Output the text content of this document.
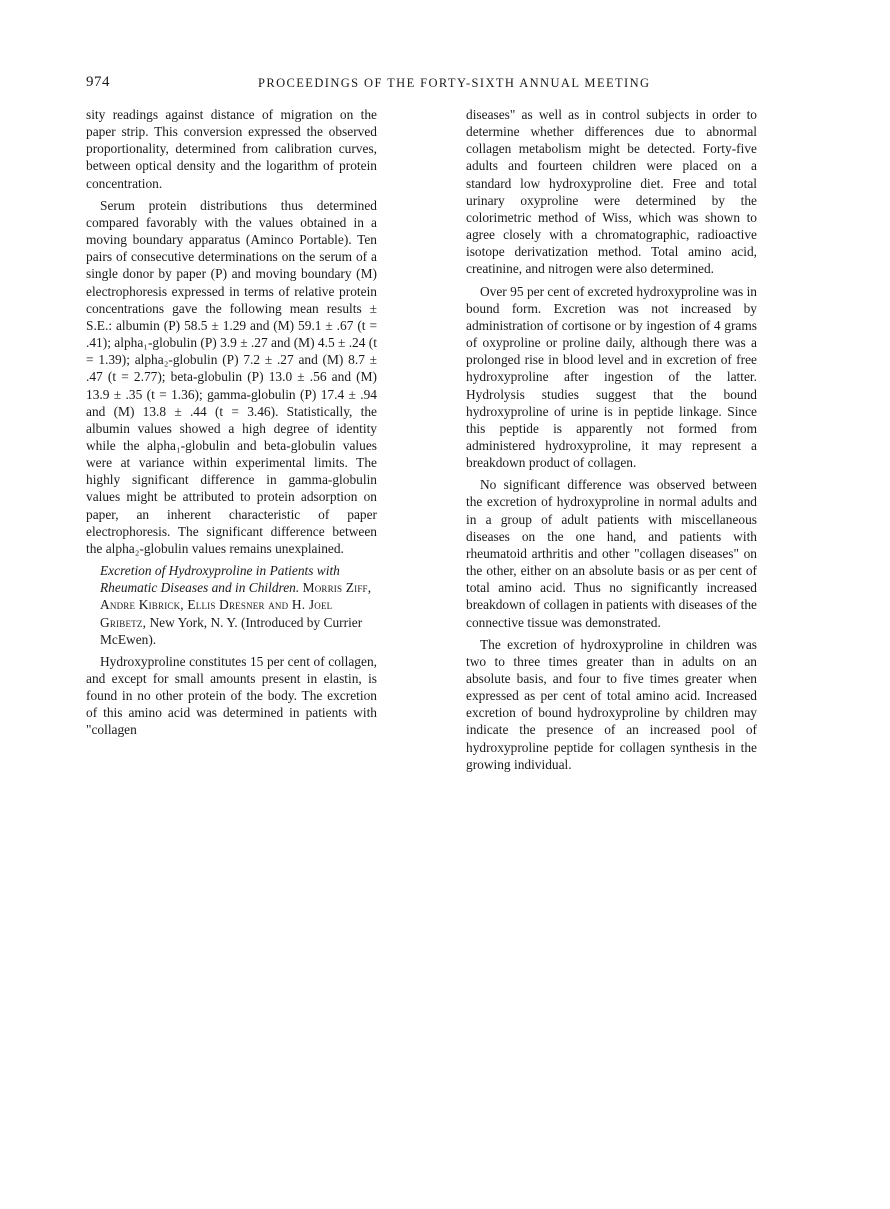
974	PROCEEDINGS OF THE FORTY-SIXTH ANNUAL MEETING

sity readings against distance of migration on the paper strip. This conversion expressed the observed proportionality, determined from calibration curves, between optical density and the logarithm of protein concentration.

Serum protein distributions thus determined compared favorably with the values obtained in a moving boundary apparatus (Aminco Portable). Ten pairs of consecutive determinations on the serum of a single donor by paper (P) and moving boundary (M) electrophoresis expressed in terms of relative protein concentrations gave the following mean results ± S.E.: albumin (P) 58.5 ± 1.29 and (M) 59.1 ± .67 (t = .41); alpha₁-globulin (P) 3.9 ± .27 and (M) 4.5 ± .24 (t = 1.39); alpha₂-globulin (P) 7.2 ± .27 and (M) 8.7 ± .47 (t = 2.77); beta-globulin (P) 13.0 ± .56 and (M) 13.9 ± .35 (t = 1.36); gamma-globulin (P) 17.4 ± .94 and (M) 13.8 ± .44 (t = 3.46). Statistically, the albumin values showed a high degree of identity while the alpha₁-globulin and beta-globulin values were at variance within experimental limits. The highly significant difference in gamma-globulin values might be attributed to protein adsorption on paper, an inherent characteristic of paper electrophoresis. The significant difference between the alpha₂-globulin values remains unexplained.

Excretion of Hydroxyproline in Patients with Rheumatic Diseases and in Children. Morris Ziff, Andre Kibrick, Ellis Dresner and H. Joel Gribetz, New York, N. Y. (Introduced by Currier McEwen).

Hydroxyproline constitutes 15 per cent of collagen, and except for small amounts present in elastin, is found in no other protein of the body. The excretion of this amino acid was determined in patients with "collagen

diseases" as well as in control subjects in order to determine whether differences due to abnormal collagen metabolism might be detected. Forty-five adults and fourteen children were placed on a standard low hydroxyproline diet. Free and total urinary oxyproline were determined by the colorimetric method of Wiss, which was shown to agree closely with a chromatographic, radioactive isotope derivatization method. Total amino acid, creatinine, and nitrogen were also determined.

Over 95 per cent of excreted hydroxyproline was in bound form. Excretion was not increased by administration of cortisone or by ingestion of 4 grams of oxyproline or proline daily, although there was a prolonged rise in blood level and in excretion of free hydroxyproline after ingestion of the latter. Hydrolysis studies suggest that the bound hydroxyproline of urine is in peptide linkage. Since this peptide is apparently not formed from administered hydroxyproline, it may represent a breakdown product of collagen.

No significant difference was observed between the excretion of hydroxyproline in normal adults and in a group of adult patients with miscellaneous diseases on the one hand, and patients with rheumatoid arthritis and other "collagen diseases" on the other, either on an absolute basis or as per cent of total amino acid. Thus no significantly increased breakdown of collagen in patients with diseases of the connective tissue was demonstrated.

The excretion of hydroxyproline in children was two to three times greater than in adults on an absolute basis, and four to five times greater when expressed as per cent of total amino acid. Increased excretion of bound hydroxyproline by children may indicate the presence of an increased pool of hydroxyproline peptide for collagen synthesis in the growing individual.
